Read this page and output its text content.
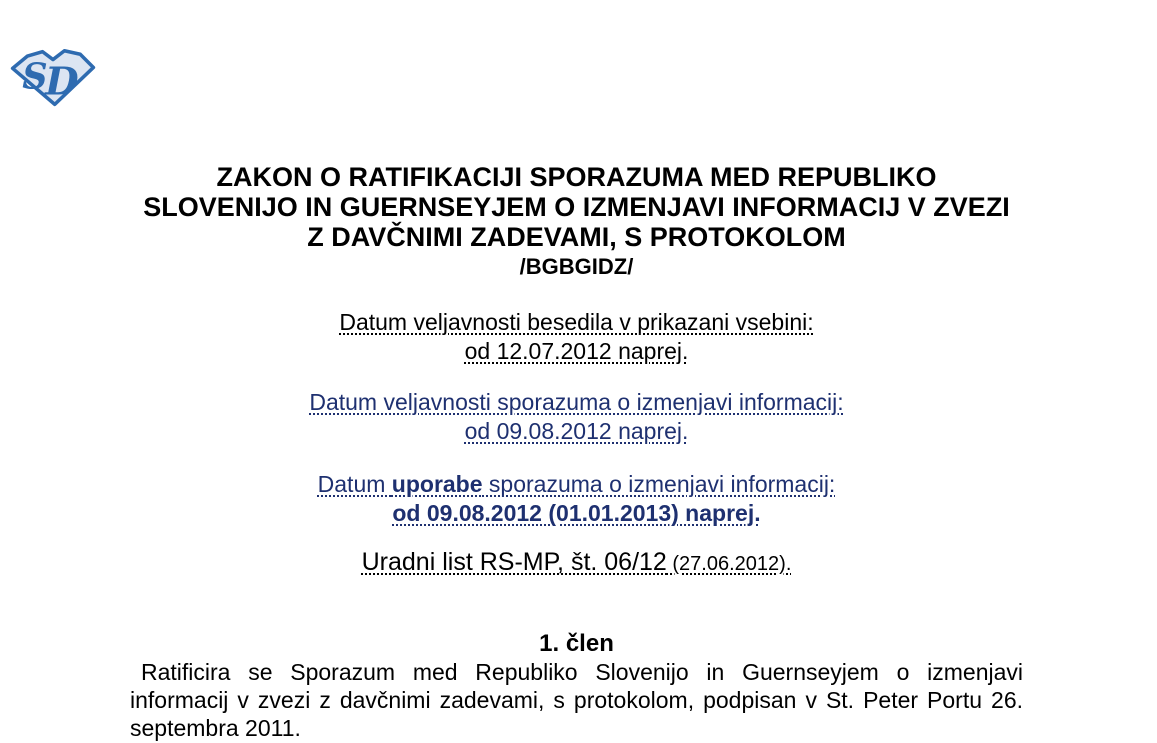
S
D
ZAKON O RATIFIKACIJI SPORAZUMA MED REPUBLIKO
SLOVENIJO IN GUERNSEYJEM O IZMENJAVI INFORMACIJ V ZVEZI
Z DAVČNIMI ZADEVAMI, S PROTOKOLOM
/BGBGIDZ/
Datum veljavnosti besedila v prikazani vsebini:
od 12.07.2012 naprej.
Datum veljavnosti sporazuma o izmenjavi informacij:
od 09.08.2012 naprej.
Datum uporabe sporazuma o izmenjavi informacij:
od 09.08.2012 (01.01.2013) naprej.
Uradni list RS-MP, št. 06/12 (27.06.2012).
1. člen
Ratificira se Sporazum med Republiko Slovenijo in Guernseyjem o izmenjavi informacij v zvezi z davčnimi zadevami, s protokolom, podpisan v St. Peter Portu 26. septembra 2011.
